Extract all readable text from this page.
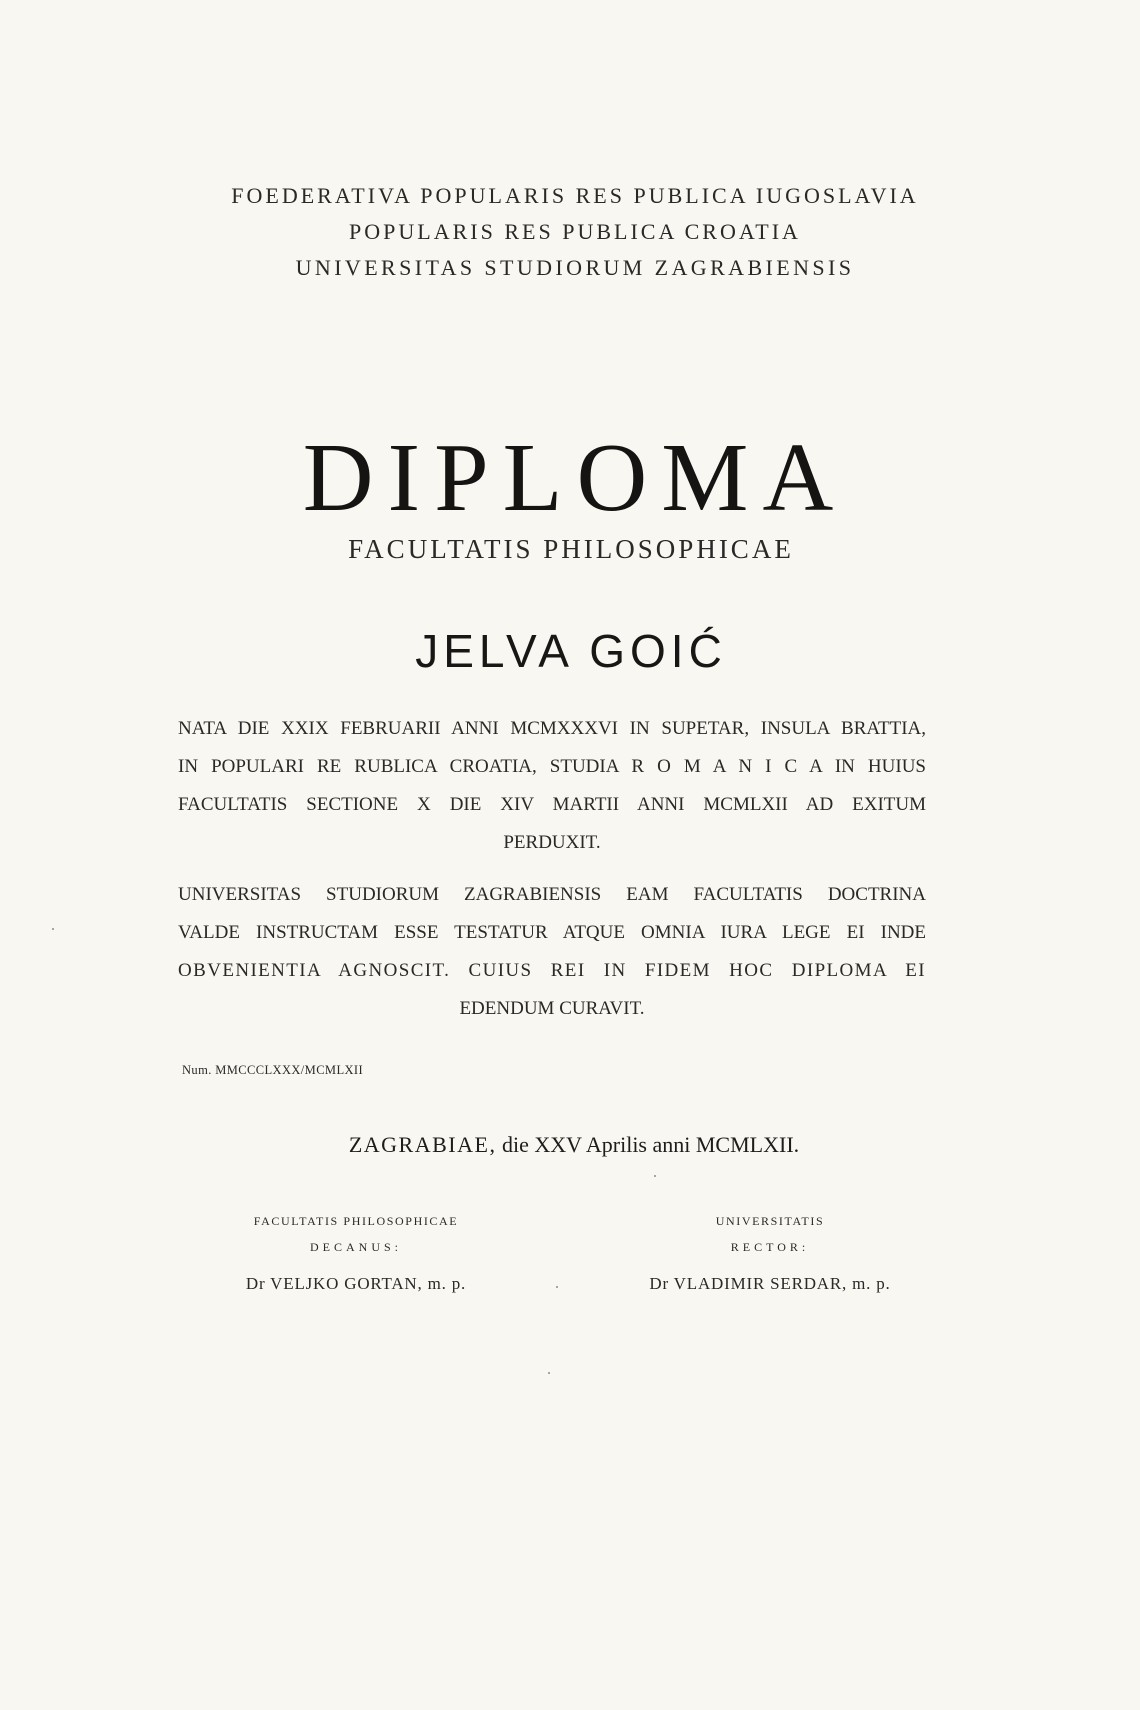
FOEDERATIVA POPULARIS RES PUBLICA IUGOSLAVIA
POPULARIS RES PUBLICA CROATIA
UNIVERSITAS STUDIORUM ZAGRABIENSIS
DIPLOMA
FACULTATIS PHILOSOPHICAE
JELVA GOIĆ
NATA DIE XXIX FEBRUARII ANNI MCMXXXVI IN SUPETAR, INSULA BRATTIA,
IN POPULARI RE RUBLICA CROATIA, STUDIA R O M A N I C A IN HUIUS
FACULTATIS SECTIONE X DIE XIV MARTII ANNI MCMLXII AD EXITUM
PERDUXIT.
UNIVERSITAS STUDIORUM ZAGRABIENSIS EAM FACULTATIS DOCTRINA
VALDE INSTRUCTAM ESSE TESTATUR ATQUE OMNIA IURA LEGE EI INDE
OBVENIENTIA AGNOSCIT. CUIUS REI IN FIDEM HOC DIPLOMA EI
EDENDUM CURAVIT.
Num. MMCCCLXXX/MCMLXII
ZAGRABIAE, die XXV Aprilis anni MCMLXII.
FACULTATIS PHILOSOPHICAE
DECANUS:
Dr VELJKO GORTAN, m. p.
UNIVERSITATIS
RECTOR:
Dr VLADIMIR SERDAR, m. p.
